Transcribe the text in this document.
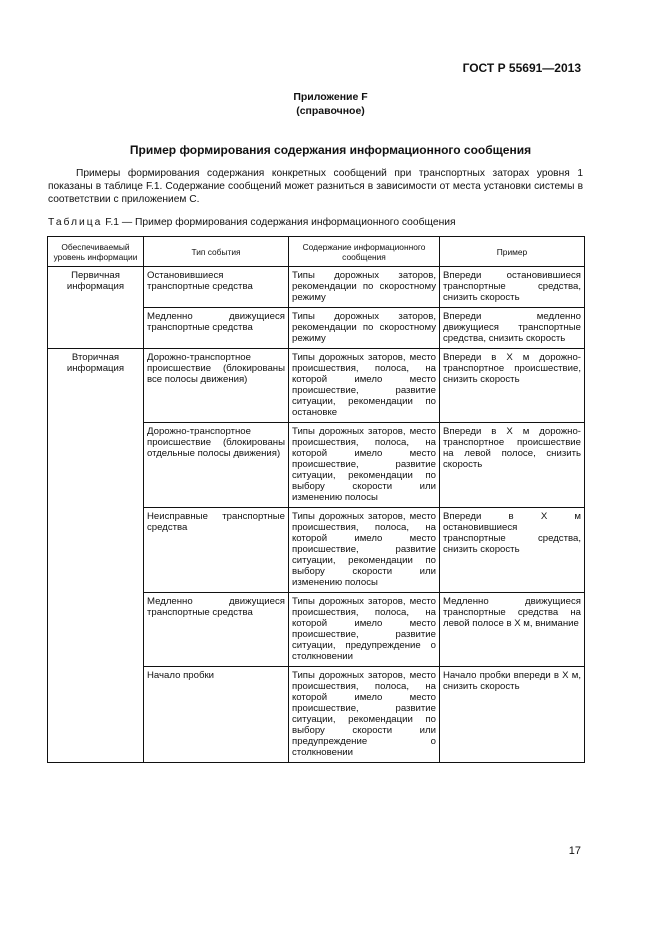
ГОСТ Р 55691—2013
Приложение F
(справочное)
Пример формирования содержания информационного сообщения

Примеры формирования содержания конкретных сообщений при транспортных заторах уровня 1 показаны в таблице F.1. Содержание сообщений может разниться в зависимости от места установки системы в соответствии с приложением С.

Таблица F.1 — Пример формирования содержания информационного сообщения
Обеспечиваемый уровень информации	Тип события	Содержание информационного сообщения	Пример
Первичная информация	Остановившиеся транспортные средства	Типы дорожных заторов, рекомендации по скоростному режиму	Впереди остановившиеся транспортные средства, снизить скорость
	Медленно движущиеся транспортные средства	Типы дорожных заторов, рекомендации по скоростному режиму	Впереди медленно движущиеся транспортные средства, снизить скорость
Вторичная информация	Дорожно-транспортное происшествие (блокированы все полосы движения)	Типы дорожных заторов, место происшествия, полоса, на которой имело место происшествие, развитие ситуации, рекомендации по остановке	Впереди в Х м дорожно-транспортное происшествие, снизить скорость
	Дорожно-транспортное происшествие (блокированы отдельные полосы движения)	Типы дорожных заторов, место происшествия, полоса, на которой имело место происшествие, развитие ситуации, рекомендации по выбору скорости или изменению полосы	Впереди в Х м дорожно-транспортное происшествие на левой полосе, снизить скорость
	Неисправные транспортные средства	Типы дорожных заторов, место происшествия, полоса, на которой имело место происшествие, развитие ситуации, рекомендации по выбору скорости или изменению полосы	Впереди в Х м остановившиеся транспортные средства, снизить скорость
	Медленно движущиеся транспортные средства	Типы дорожных заторов, место происшествия, полоса, на которой имело место происшествие, развитие ситуации, предупреждение о столкновении	Медленно движущиеся транспортные средства на левой полосе в Х м, внимание
	Начало пробки	Типы дорожных заторов, место происшествия, полоса, на которой имело место происшествие, развитие ситуации, рекомендации по выбору скорости или предупреждение о столкновении	Начало пробки впереди в Х м, снизить скорость
17
